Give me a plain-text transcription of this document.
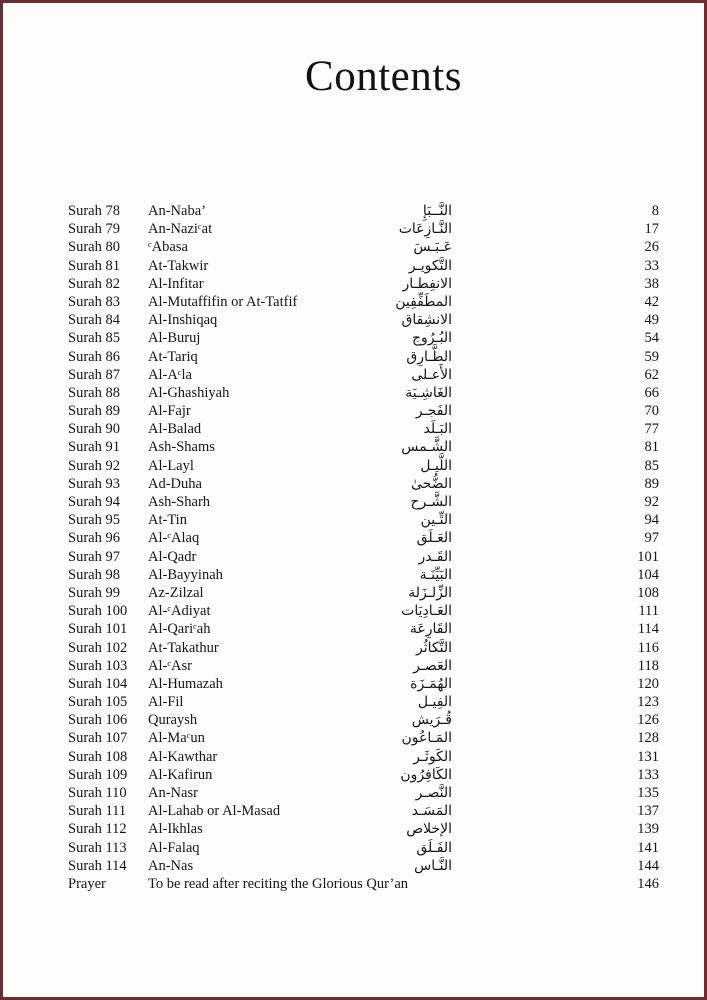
Contents
Surah 78	An-Naba’	النَّــبَإِ	8
Surah 79	An-Naziᶜat	النَّـازِعَات	17
Surah 80	ᶜAbasa	عَـبَـسَ	26
Surah 81	At-Takwir	التَّكويـر	33
Surah 82	Al-Infitar	الانفِطـار	38
Surah 83	Al-Mutaffifin or At-Tatfif	المطَفِّفِين	42
Surah 84	Al-Inshiqaq	الانشِقاق	49
Surah 85	Al-Buruj	البُـرُوج	54
Surah 86	At-Tariq	الطَّـارِق	59
Surah 87	Al-Aᶜla	الأَعـلى	62
Surah 88	Al-Ghashiyah	الغَاشِـيَة	66
Surah 89	Al-Fajr	الفَجـر	70
Surah 90	Al-Balad	البَـلَد	77
Surah 91	Ash-Shams	الشَّـمس	81
Surah 92	Al-Layl	اللَّيـل	85
Surah 93	Ad-Duha	الضُّحىٰ	89
Surah 94	Ash-Sharh	الشَّـرح	92
Surah 95	At-Tin	التِّـين	94
Surah 96	Al-ᶜAlaq	العَـلَق	97
Surah 97	Al-Qadr	القَـدر	101
Surah 98	Al-Bayyinah	البَيِّنَـة	104
Surah 99	Az-Zilzal	الزِّلـزَلة	108
Surah 100	Al-ᶜAdiyat	العَـادِيَات	111
Surah 101	Al-Qariᶜah	القَارِعَة	114
Surah 102	At-Takathur	التَّكاثُر	116
Surah 103	Al-ᶜAsr	العَصـر	118
Surah 104	Al-Humazah	الهُمَـزَة	120
Surah 105	Al-Fil	الفِيـل	123
Surah 106	Quraysh	قُـرَيش	126
Surah 107	Al-Maᶜun	المَـاعُون	128
Surah 108	Al-Kawthar	الكَوثَـر	131
Surah 109	Al-Kafirun	الكَافِرُون	133
Surah 110	An-Nasr	النَّصـر	135
Surah 111	Al-Lahab or Al-Masad	المَسَـد	137
Surah 112	Al-Ikhlas	الإخلاص	139
Surah 113	Al-Falaq	الفَـلَق	141
Surah 114	An-Nas	النَّـاس	144
Prayer	To be read after reciting the Glorious Qur’an	146
